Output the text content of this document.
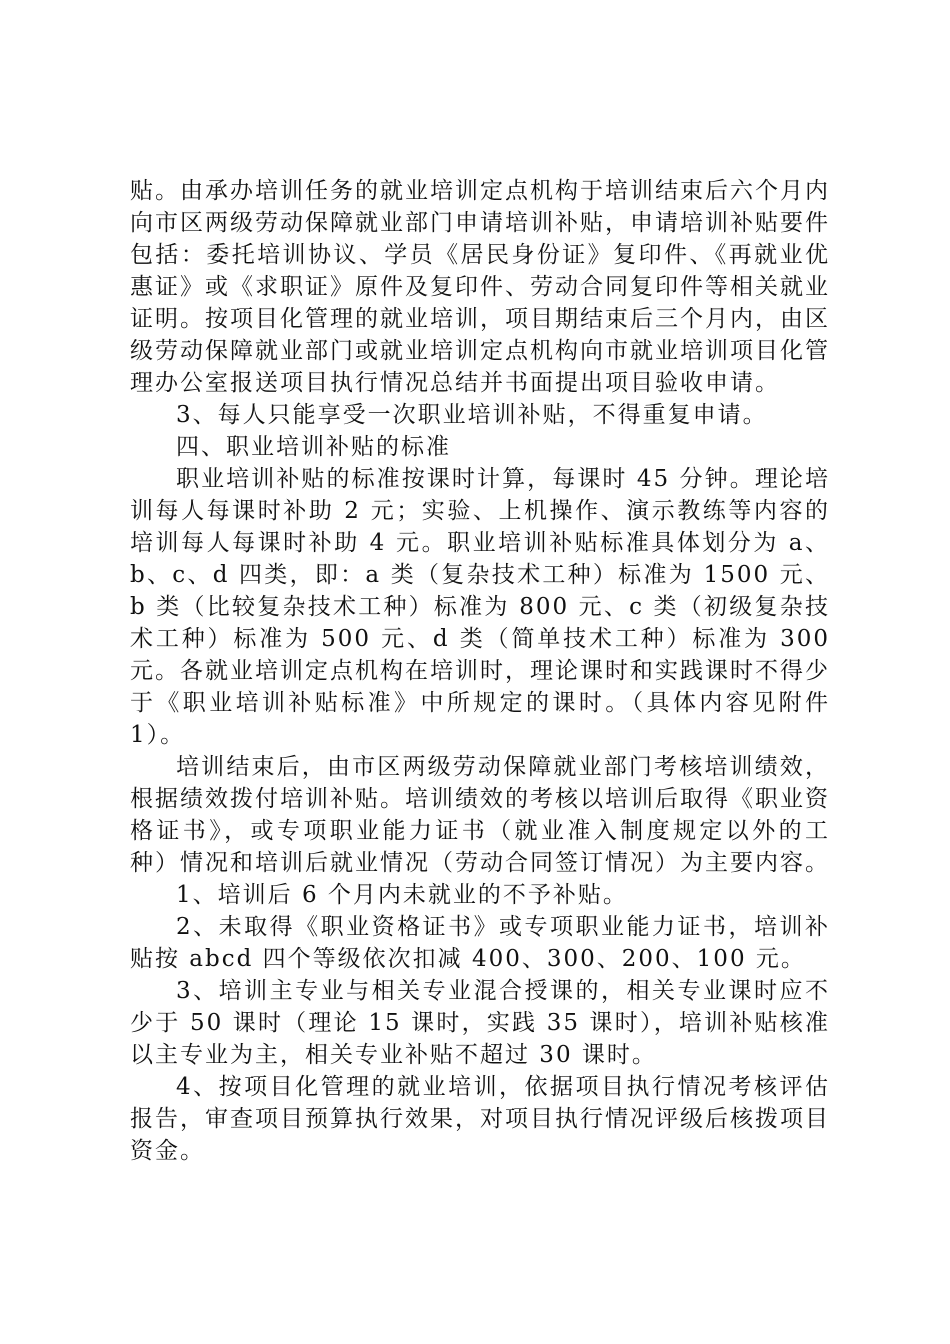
贴。由承办培训任务的就业培训定点机构于培训结束后六个月内向市区两级劳动保障就业部门申请培训补贴，申请培训补贴要件包括：委托培训协议、学员《居民身份证》复印件、《再就业优惠证》或《求职证》原件及复印件、劳动合同复印件等相关就业证明。按项目化管理的就业培训，项目期结束后三个月内，由区级劳动保障就业部门或就业培训定点机构向市就业培训项目化管理办公室报送项目执行情况总结并书面提出项目验收申请。

3、每人只能享受一次职业培训补贴，不得重复申请。

四、职业培训补贴的标准

职业培训补贴的标准按课时计算，每课时 45 分钟。理论培训每人每课时补助 2 元；实验、上机操作、演示教练等内容的培训每人每课时补助 4 元。职业培训补贴标准具体划分为 a、b、c、d 四类，即：a 类（复杂技术工种）标准为 1500 元、b 类（比较复杂技术工种）标准为 800 元、c 类（初级复杂技术工种）标准为 500 元、d 类（简单技术工种）标准为 300 元。各就业培训定点机构在培训时，理论课时和实践课时不得少于《职业培训补贴标准》中所规定的课时。（具体内容见附件 1）。

培训结束后，由市区两级劳动保障就业部门考核培训绩效，根据绩效拨付培训补贴。培训绩效的考核以培训后取得《职业资格证书》，或专项职业能力证书（就业准入制度规定以外的工种）情况和培训后就业情况（劳动合同签订情况）为主要内容。

1、培训后 6 个月内未就业的不予补贴。

2、未取得《职业资格证书》或专项职业能力证书，培训补贴按 abcd 四个等级依次扣减 400、300、200、100 元。

3、培训主专业与相关专业混合授课的，相关专业课时应不少于 50 课时（理论 15 课时，实践 35 课时），培训补贴核准以主专业为主，相关专业补贴不超过 30 课时。

4、按项目化管理的就业培训，依据项目执行情况考核评估报告，审查项目预算执行效果，对项目执行情况评级后核拨项目资金。
